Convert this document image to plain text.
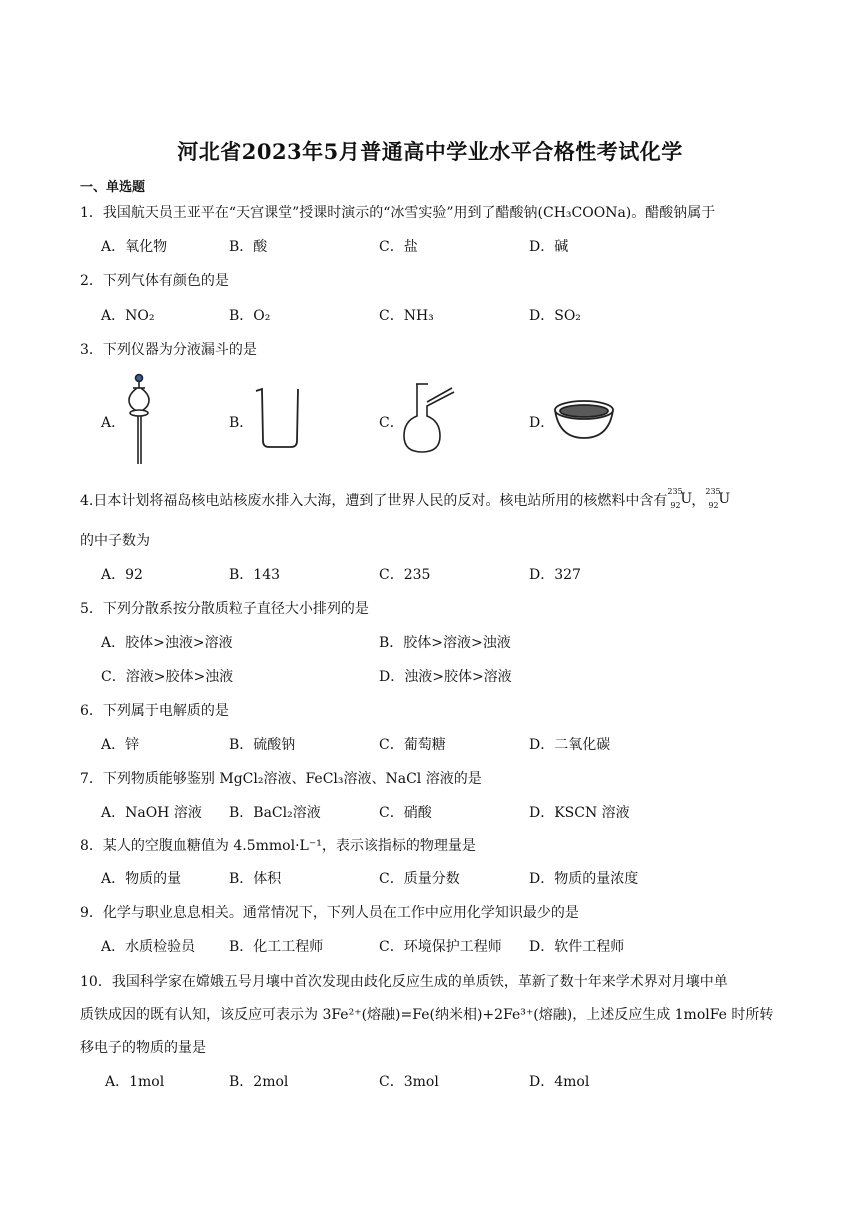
河北省2023年5月普通高中学业水平合格性考试化学
一、单选题
1．我国航天员王亚平在“天宫课堂”授课时演示的“冰雪实验”用到了醋酸钠(CH₃COONa)。醋酸钠属于
A．氧化物	B．酸	C．盐	D．碱
2．下列气体有颜色的是
A．NO₂	B．O₂	C．NH₃	D．SO₂
3．下列仪器为分液漏斗的是
A．	B．	C．	D．
4.日本计划将福岛核电站核废水排入大海，遭到了世界人民的反对。核电站所用的核燃料中含有
235
92 U ，
235
92 U
的中子数为
A．92	B．143	C．235	D．327
5．下列分散系按分散质粒子直径大小排列的是
A．胶体>浊液>溶液	B．胶体>溶液>浊液
C．溶液>胶体>浊液	D．浊液>胶体>溶液
6．下列属于电解质的是
A．锌	B．硫酸钠	C．葡萄糖	D．二氧化碳
7．下列物质能够鉴别 MgCl₂溶液、FeCl₃溶液、NaCl 溶液的是
A．NaOH 溶液 B．BaCl₂溶液	C．硝酸	D．KSCN 溶液
8．某人的空腹血糖值为 4.5mmol·L⁻¹，表示该指标的物理量是
A．物质的量	B．体积	C．质量分数	D．物质的量浓度
9．化学与职业息息相关。通常情况下，下列人员在工作中应用化学知识最少的是
A．水质检验员 B．化工工程师	C．环境保护工程师 D．软件工程师
10．我国科学家在嫦娥五号月壤中首次发现由歧化反应生成的单质铁，革新了数十年来学术界对月壤中单
质铁成因的既有认知，该反应可表示为 3Fe²⁺(熔融)=Fe(纳米相)+2Fe³⁺(熔融)，上述反应生成 1molFe 时所转
移电子的物质的量是
A．1mol	B．2mol	C．3mol	D．4mol
